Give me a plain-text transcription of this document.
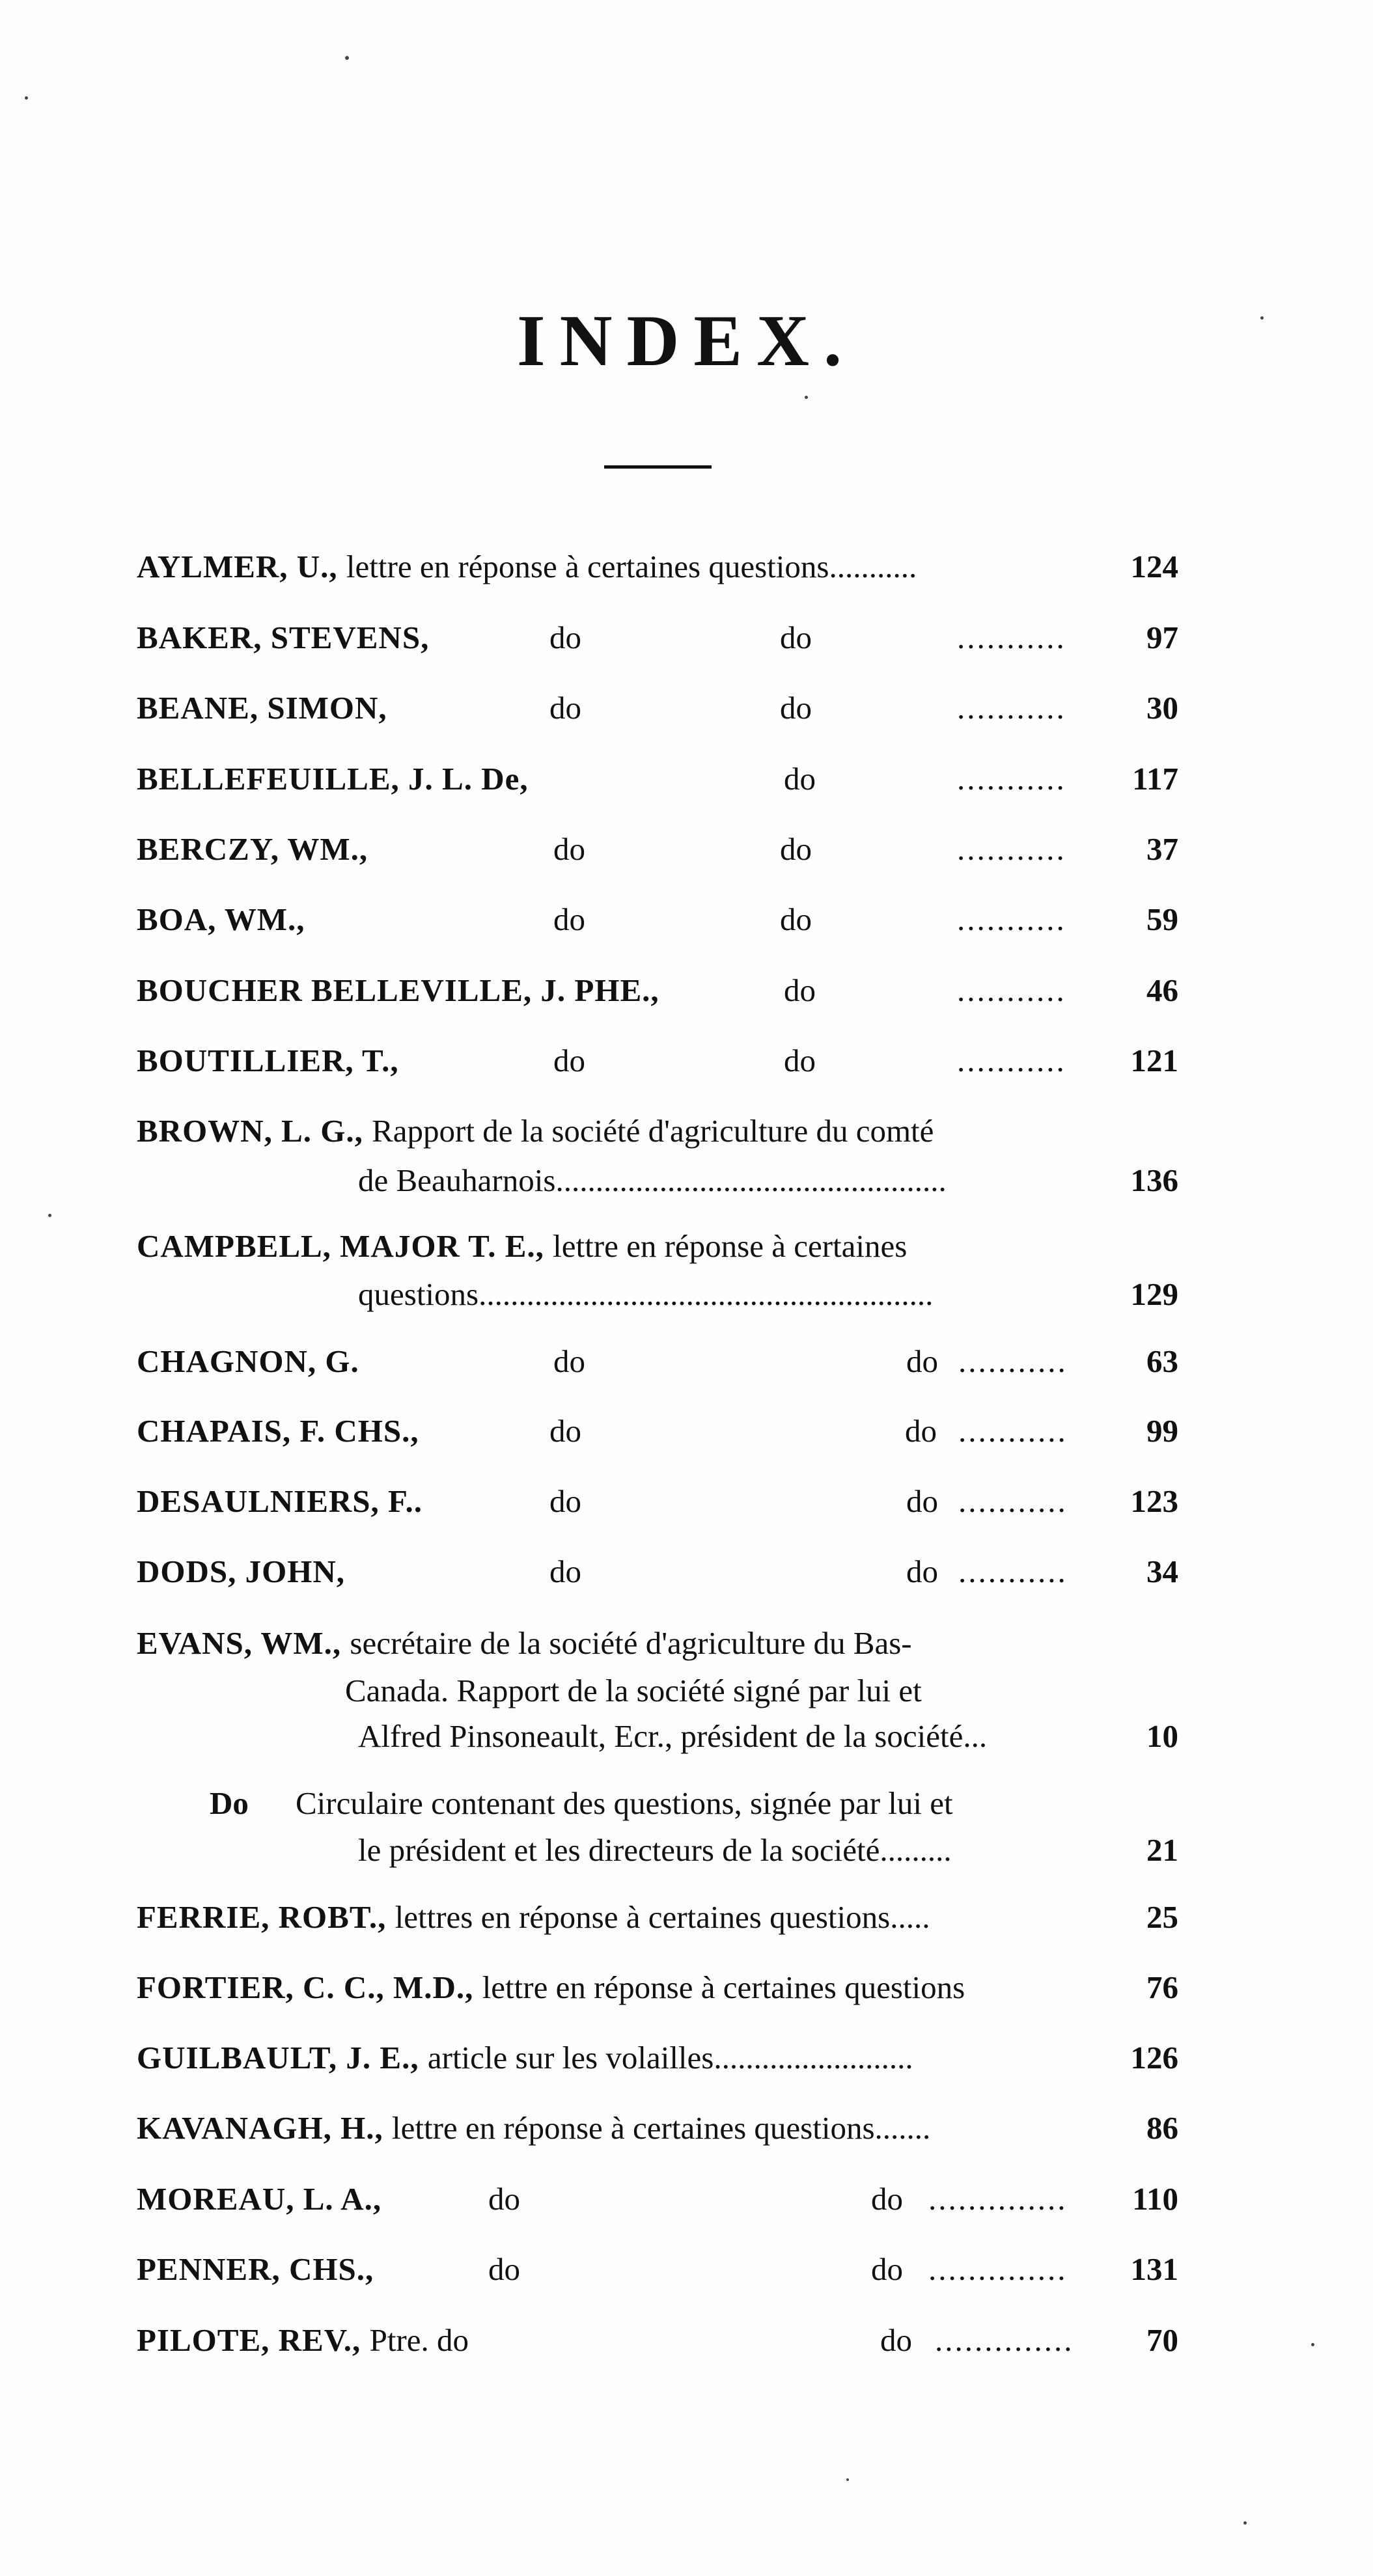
INDEX.
AYLMER, U., lettre en réponse à certaines questions...........	124
BAKER, STEVENS,	do	do	...........	97
BEANE, SIMON,	do	do	...........	30
BELLEFEUILLE, J. L. De,	do	...........	117
BERCZY, WM.,	do	do	...........	37
BOA, WM.,	do	do	...........	59
BOUCHER BELLEVILLE, J. PHE.,	do	...........	46
BOUTILLIER, T.,	do	do	...........	121
BROWN, L. G., Rapport de la société d'agriculture du comté
de Beauharnois.................................................	136
CAMPBELL, MAJOR T. E., lettre en réponse à certaines
questions.........................................................	129
CHAGNON, G.	do	do ...........	63
CHAPAIS, F. CHS.,	do	do ...........	99
DESAULNIERS, F..	do	do ...........	123
DODS, JOHN,	do	do ...........	34
EVANS, WM., secrétaire de la société d'agriculture du Bas-
Canada. Rapport de la société signé par lui et
Alfred Pinsoneault, Ecr., président de la société...	10
Do Circulaire contenant des questions, signée par lui et
le président et les directeurs de la société.........	21
FERRIE, ROBT., lettres en réponse à certaines questions.....	25
FORTIER, C. C., M.D., lettre en réponse à certaines questions	76
GUILBAULT, J. E., article sur les volailles.........................	126
KAVANAGH, H., lettre en réponse à certaines questions.......	86
MOREAU, L. A.,	do	do ..............	110
PENNER, CHS.,	do	do ..............	131
PILOTE, REV., Ptre. do	do ..............	70
